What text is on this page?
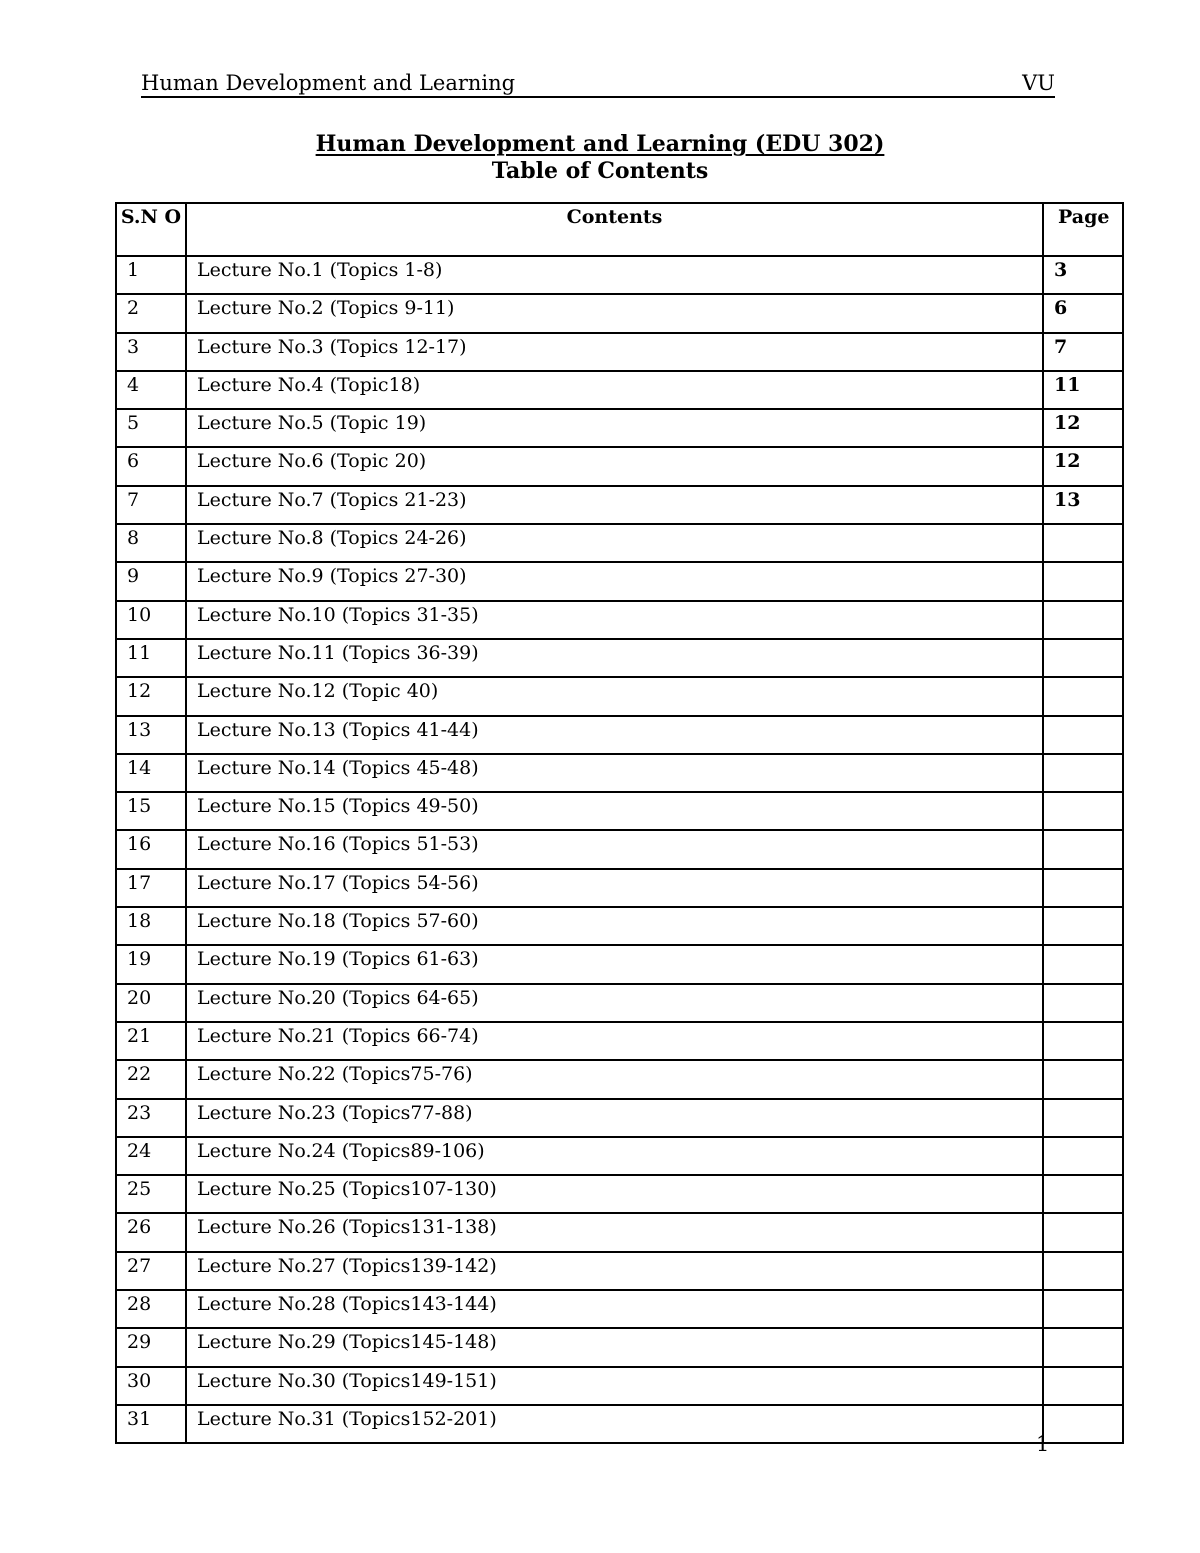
Human Development and Learning	VU
Human Development and Learning (EDU 302)
Table of Contents
S.N O	Contents	Page
1	Lecture No.1 (Topics 1-8)	3
2	Lecture No.2 (Topics 9-11)	6
3	Lecture No.3 (Topics 12-17)	7
4	Lecture No.4 (Topic18)	11
5	Lecture No.5 (Topic 19)	12
6	Lecture No.6 (Topic 20)	12
7	Lecture No.7 (Topics 21-23)	13
8	Lecture No.8 (Topics 24-26)	
9	Lecture No.9 (Topics 27-30)	
10	Lecture No.10 (Topics 31-35)	
11	Lecture No.11 (Topics 36-39)	
12	Lecture No.12 (Topic 40)	
13	Lecture No.13 (Topics 41-44)	
14	Lecture No.14 (Topics 45-48)	
15	Lecture No.15 (Topics 49-50)	
16	Lecture No.16 (Topics 51-53)	
17	Lecture No.17 (Topics 54-56)	
18	Lecture No.18 (Topics 57-60)	
19	Lecture No.19 (Topics 61-63)	
20	Lecture No.20 (Topics 64-65)	
21	Lecture No.21 (Topics 66-74)	
22	Lecture No.22 (Topics75-76)	
23	Lecture No.23 (Topics77-88)	
24	Lecture No.24 (Topics89-106)	
25	Lecture No.25 (Topics107-130)	
26	Lecture No.26 (Topics131-138)	
27	Lecture No.27 (Topics139-142)	
28	Lecture No.28 (Topics143-144)	
29	Lecture No.29 (Topics145-148)	
30	Lecture No.30 (Topics149-151)	
31	Lecture No.31 (Topics152-201)	
1
